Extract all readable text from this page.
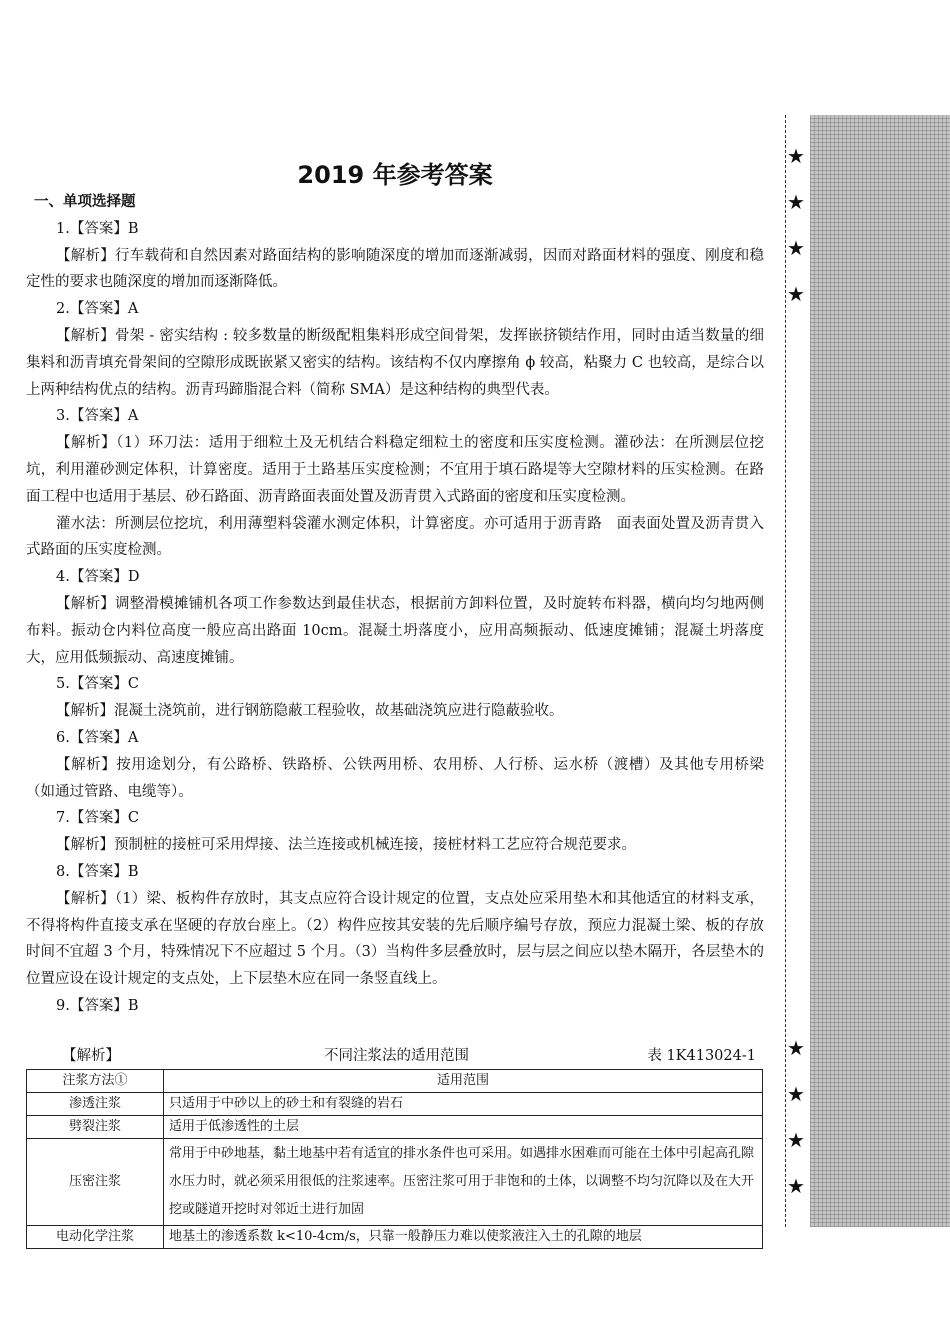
★
★
★
★
★
★
★
★
2019 年参考答案

一、单项选择题

1.【答案】B

【解析】行车载荷和自然因素对路面结构的影响随深度的增加而逐渐减弱，因而对路面材料的强度、刚度和稳定性的要求也随深度的增加而逐渐降低。

2.【答案】A

【解析】骨架 - 密实结构 : 较多数量的断级配粗集料形成空间骨架，发挥嵌挤锁结作用，同时由适当数量的细集料和沥青填充骨架间的空隙形成既嵌紧又密实的结构。该结构不仅内摩擦角 ϕ 较高，粘聚力 C 也较高，是综合以上两种结构优点的结构。沥青玛蹄脂混合料（简称 SMA）是这种结构的典型代表。

3.【答案】A

【解析】（1）环刀法：适用于细粒土及无机结合料稳定细粒土的密度和压实度检测。灌砂法：在所测层位挖坑，利用灌砂测定体积，计算密度。适用于土路基压实度检测；不宜用于填石路堤等大空隙材料的压实检测。在路面工程中也适用于基层、砂石路面、沥青路面表面处置及沥青贯入式路面的密度和压实度检测。

灌水法：所测层位挖坑，利用薄塑料袋灌水测定体积，计算密度。亦可适用于沥青路　面表面处置及沥青贯入式路面的压实度检测。

4.【答案】D

【解析】调整滑模摊铺机各项工作参数达到最佳状态，根据前方卸料位置，及时旋转布料器，横向均匀地两侧布料。振动仓内料位高度一般应高出路面 10cm。混凝土坍落度小，应用高频振动、低速度摊铺；混凝土坍落度大，应用低频振动、高速度摊铺。

5.【答案】C

【解析】混凝土浇筑前，进行钢筋隐蔽工程验收，故基础浇筑应进行隐蔽验收。

6.【答案】A

【解析】按用途划分，有公路桥、铁路桥、公铁两用桥、农用桥、人行桥、运水桥（渡槽）及其他专用桥梁（如通过管路、电缆等）。

7.【答案】C

【解析】预制桩的接桩可采用焊接、法兰连接或机械连接，接桩材料工艺应符合规范要求。

8.【答案】B

【解析】（1）梁、板构件存放时，其支点应符合设计规定的位置，支点处应采用垫木和其他适宜的材料支承，不得将构件直接支承在坚硬的存放台座上。（2）构件应按其安装的先后顺序编号存放，预应力混凝土梁、板的存放时间不宜超 3 个月，特殊情况下不应超过 5 个月。（3）当构件多层叠放时，层与层之间应以垫木隔开，各层垫木的位置应设在设计规定的支点处，上下层垫木应在同一条竖直线上。

9.【答案】B

【解析】	不同注浆法的适用范围	表 1K413024-1
注浆方法①	适用范围
渗透注浆	只适用于中砂以上的砂土和有裂缝的岩石
劈裂注浆	适用于低渗透性的土层
压密注浆	常用于中砂地基，黏土地基中若有适宜的排水条件也可采用。如遇排水困难而可能在土体中引起高孔隙水压力时，就必须采用很低的注浆速率。压密注浆可用于非饱和的土体，以调整不均匀沉降以及在大开挖或隧道开挖时对邻近土进行加固
电动化学注浆	地基土的渗透系数 k<10-4cm/s，只靠一般静压力难以使浆液注入土的孔隙的地层
